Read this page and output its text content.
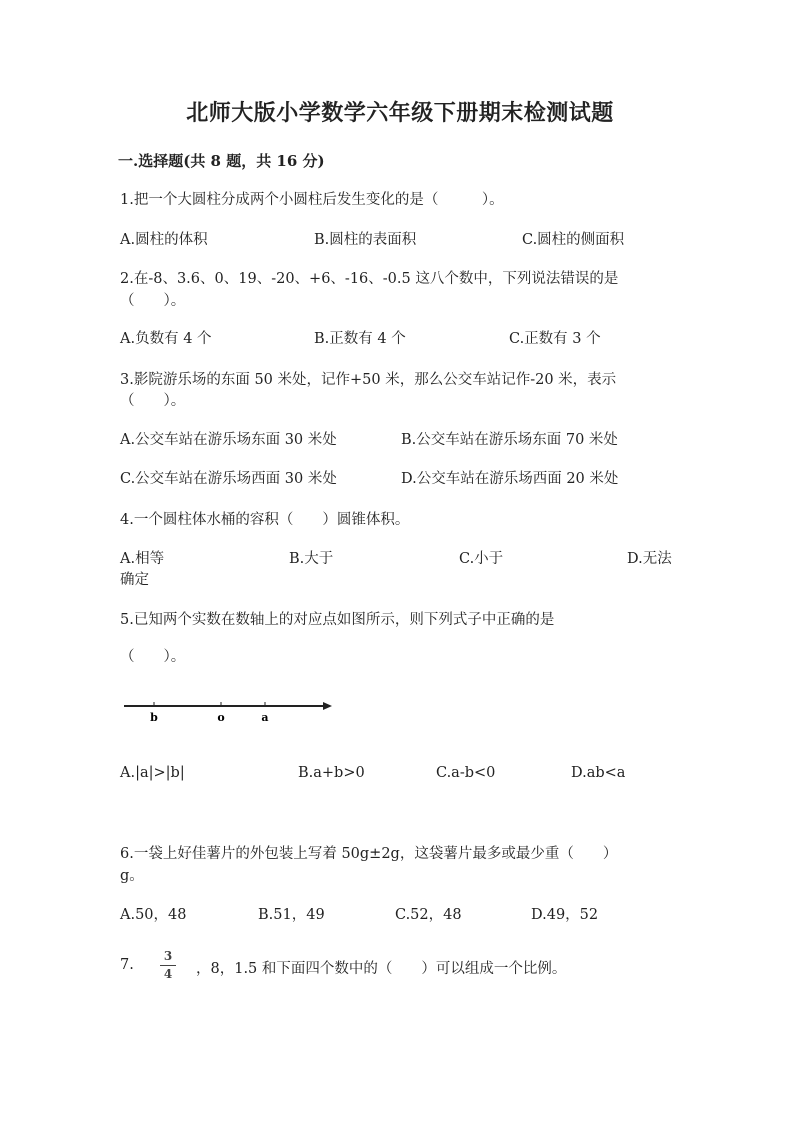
北师大版小学数学六年级下册期末检测试题
一.选择题(共 8 题，共 16 分)
1.把一个大圆柱分成两个小圆柱后发生变化的是（　　　）。
A.圆柱的体积	B.圆柱的表面积	C.圆柱的侧面积
2.在-8、3.6、0、19、-20、+6、-16、-0.5 这八个数中，下列说法错误的是
（　　）。
A.负数有 4 个	B.正数有 4 个	C.正数有 3 个
3.影院游乐场的东面 50 米处，记作+50 米，那么公交车站记作-20 米，表示
（　　）。
A.公交车站在游乐场东面 30 米处	B.公交车站在游乐场东面 70 米处
C.公交车站在游乐场西面 30 米处	D.公交车站在游乐场西面 20 米处
4.一个圆柱体水桶的容积（　　）圆锥体积。
A.相等	B.大于	C.小于	D.无法
确定
5.已知两个实数在数轴上的对应点如图所示，则下列式子中正确的是
（　　）。
b	o	a
A.|a|>|b|	B.a+b>0	C.a-b<0	D.ab<a
6.一袋上好佳薯片的外包装上写着 50g±2g，这袋薯片最多或最少重（　　）
g。
A.50，48	B.51，49	C.52，48	D.49，52
7.
3
4 ，8，1.5 和下面四个数中的（　　）可以组成一个比例。
